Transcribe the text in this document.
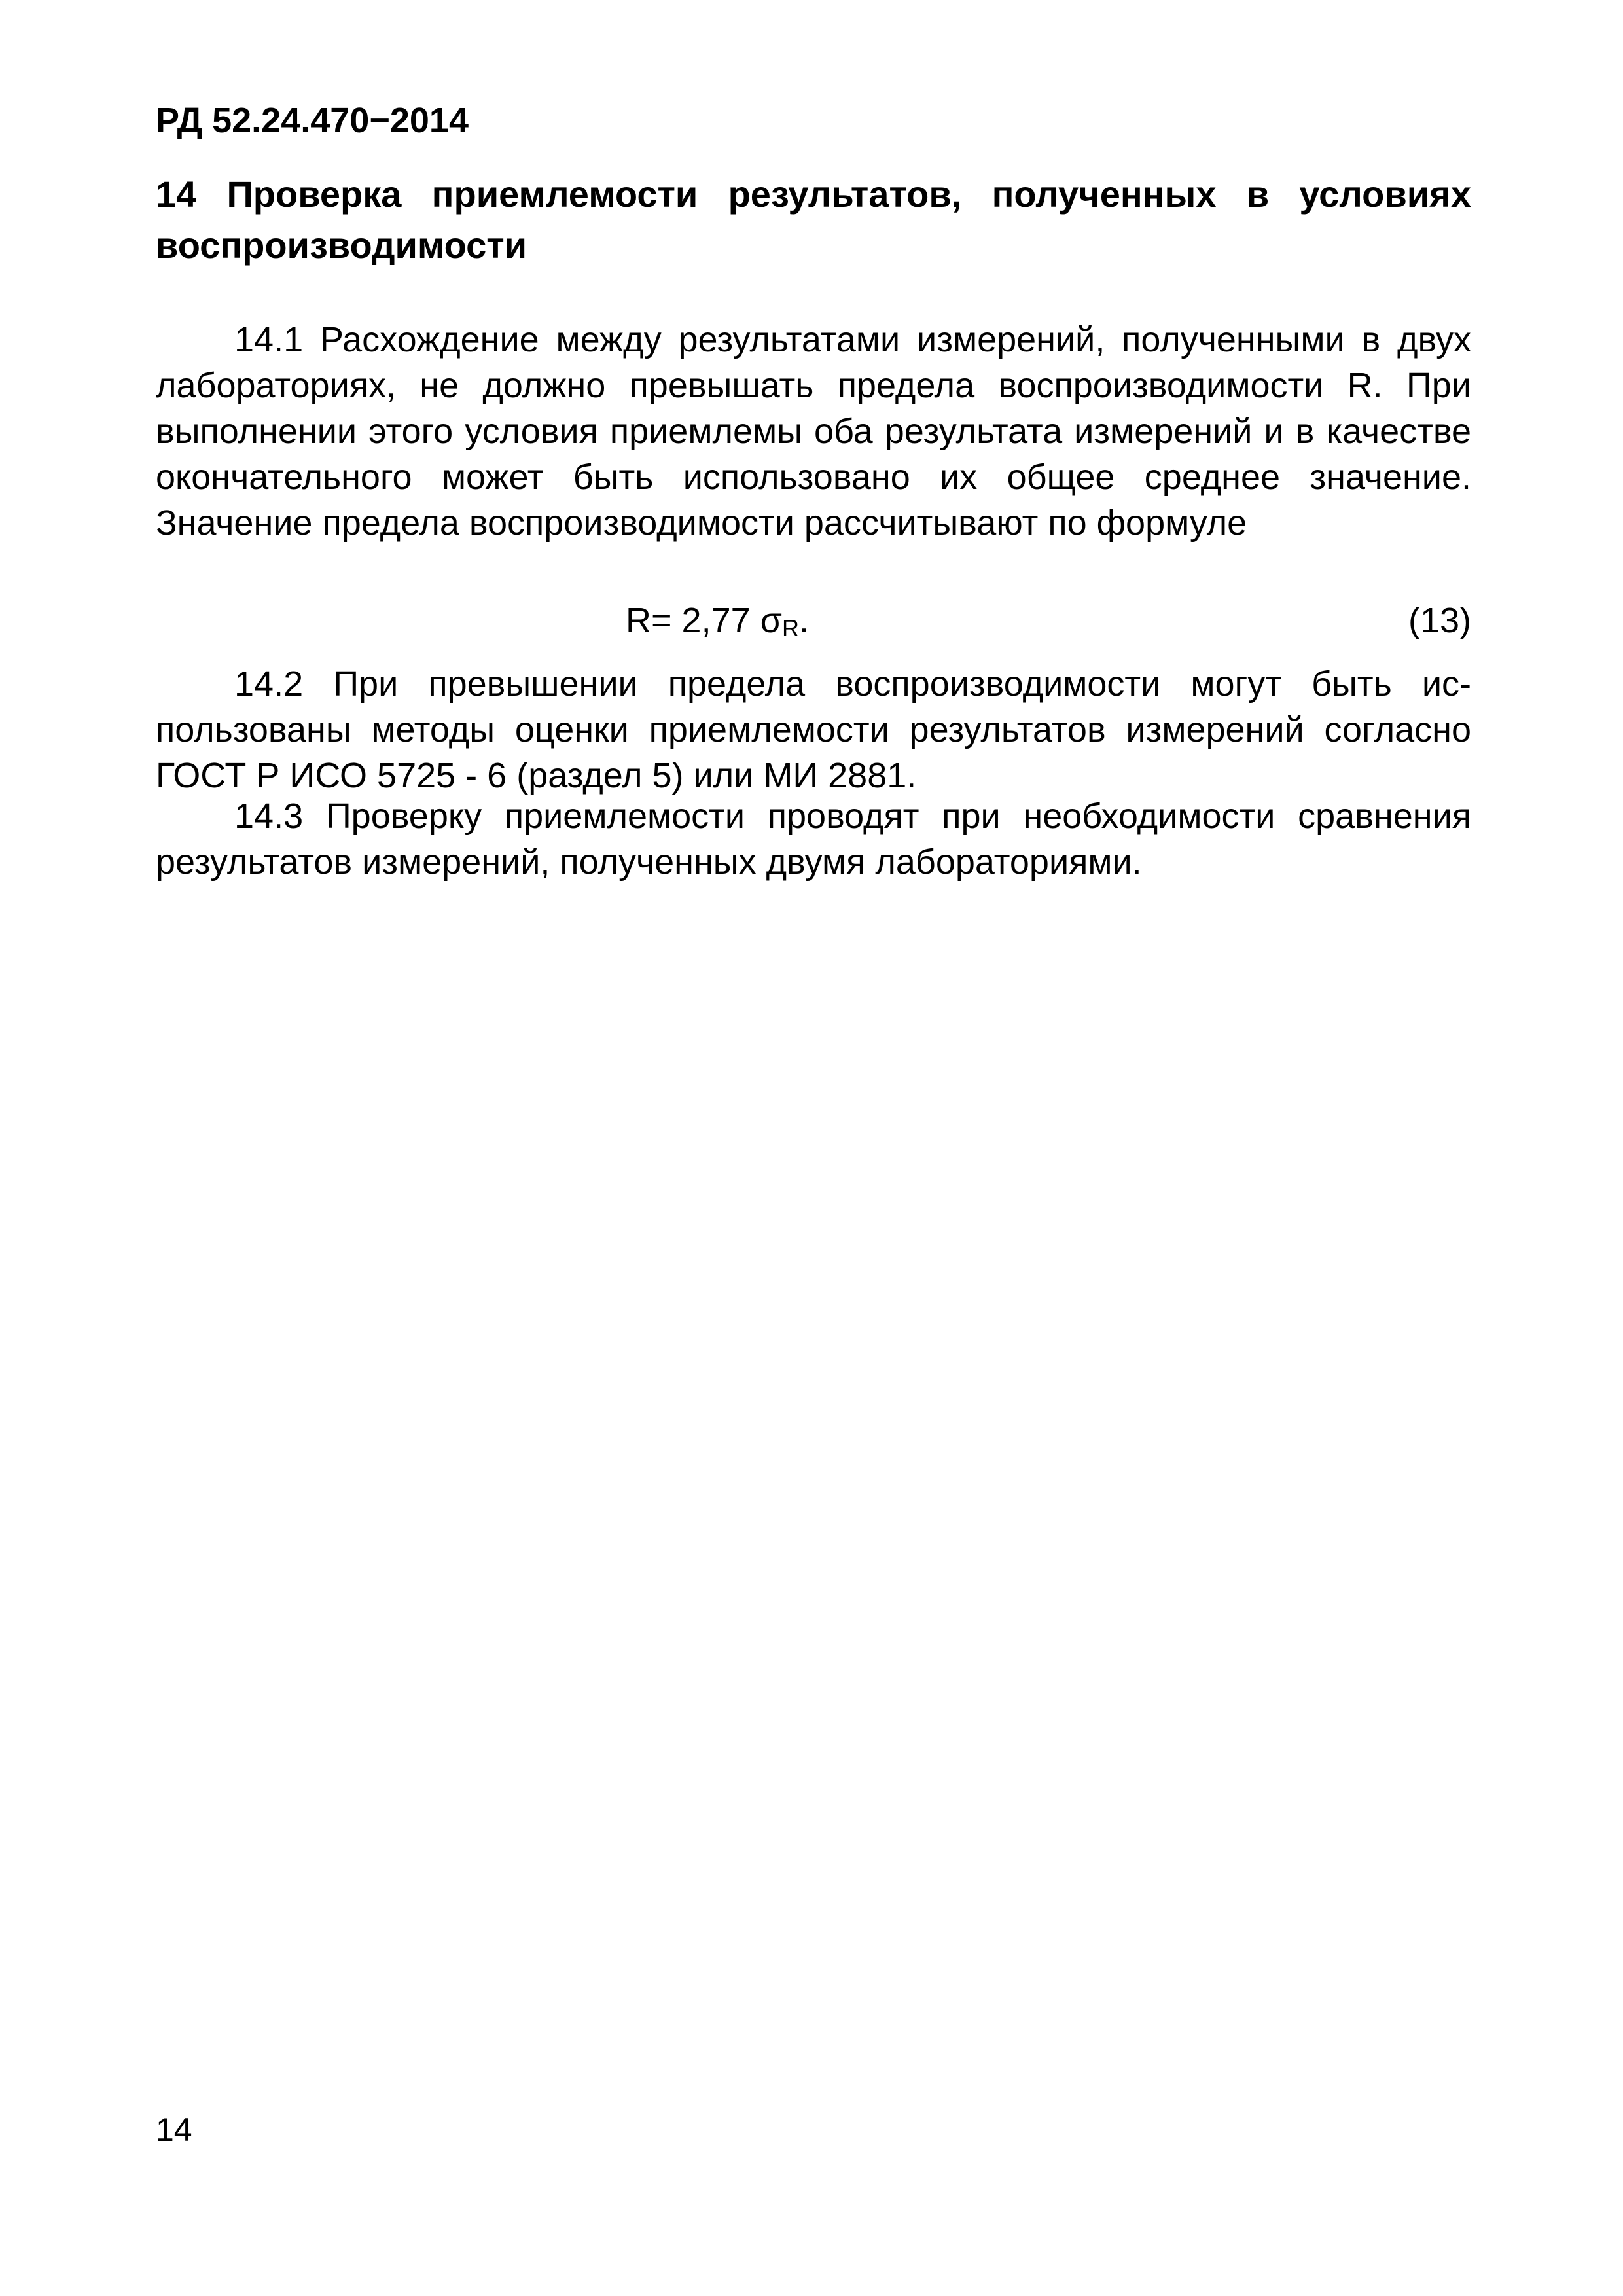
РД 52.24.470−2014
14 Проверка приемлемости результатов, полученных в условиях воспроизводимости

14.1 Расхождение между результатами измерений, полученными в двух лабораториях, не должно превышать предела воспроизводимости R. При выполнении этого условия приемлемы оба результата измерений и в качестве окончательного может быть использовано их общее среднее значение. Значение предела воспроизводимости рассчитывают по формуле

R= 2,77 $\sigma_R$.	(13)

14.2 При превышении предела воспроизводимости могут быть использованы методы оценки приемлемости результатов измерений согласно ГОСТ Р ИСО 5725 - 6 (раздел 5) или МИ 2881.

14.3 Проверку приемлемости проводят при необходимости сравнения результатов измерений, полученных двумя лабораториями.

14
